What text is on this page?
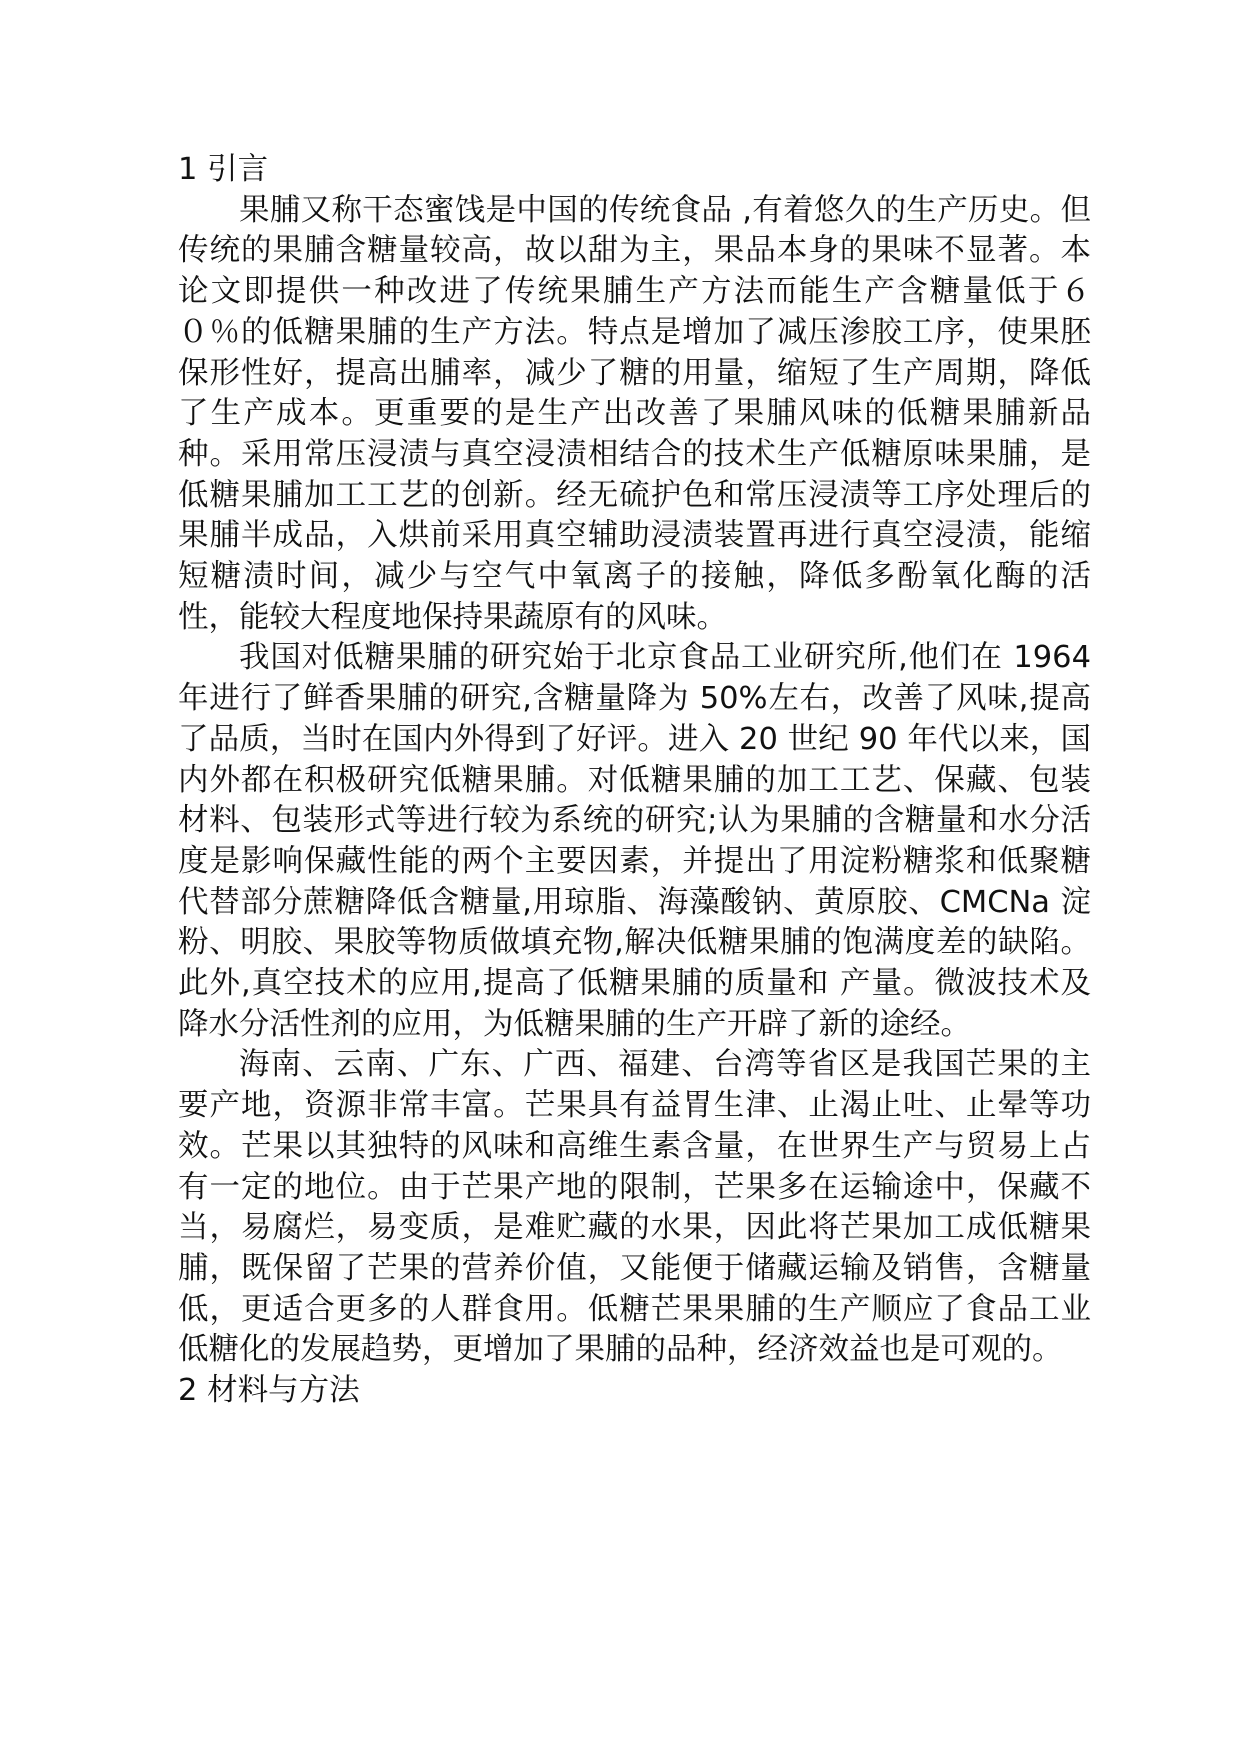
1 引言

果脯又称干态蜜饯是中国的传统食品 ,有着悠久的生产历史。但传统的果脯含糖量较高，故以甜为主，果品本身的果味不显著。本论文即提供一种改进了传统果脯生产方法而能生产含糖量低于６０％的低糖果脯的生产方法。特点是增加了减压渗胶工序，使果胚保形性好，提高出脯率，减少了糖的用量，缩短了生产周期，降低了生产成本。更重要的是生产出改善了果脯风味的低糖果脯新品种。采用常压浸渍与真空浸渍相结合的技术生产低糖原味果脯，是低糖果脯加工工艺的创新。经无硫护色和常压浸渍等工序处理后的果脯半成品，入烘前采用真空辅助浸渍装置再进行真空浸渍，能缩短糖渍时间，减少与空气中氧离子的接触，降低多酚氧化酶的活性，能较大程度地保持果蔬原有的风味。

我国对低糖果脯的研究始于北京食品工业研究所,他们在 1964 年进行了鲜香果脯的研究,含糖量降为 50%左右，改善了风味,提高了品质，当时在国内外得到了好评。进入 20 世纪 90 年代以来，国内外都在积极研究低糖果脯。对低糖果脯的加工工艺、保藏、包装材料、包装形式等进行较为系统的研究;认为果脯的含糖量和水分活度是影响保藏性能的两个主要因素，并提出了用淀粉糖浆和低聚糖代替部分蔗糖降低含糖量,用琼脂、海藻酸钠、黄原胶、CMCNa 淀粉、明胶、果胶等物质做填充物,解决低糖果脯的饱满度差的缺陷。此外,真空技术的应用,提高了低糖果脯的质量和 产量。微波技术及降水分活性剂的应用，为低糖果脯的生产开辟了新的途经。

海南、云南、广东、广西、福建、台湾等省区是我国芒果的主要产地，资源非常丰富。芒果具有益胃生津、止渴止吐、止晕等功效。芒果以其独特的风味和高维生素含量，在世界生产与贸易上占有一定的地位。由于芒果产地的限制，芒果多在运输途中，保藏不当，易腐烂，易变质，是难贮藏的水果，因此将芒果加工成低糖果脯，既保留了芒果的营养价值，又能便于储藏运输及销售，含糖量低，更适合更多的人群食用。低糖芒果果脯的生产顺应了食品工业低糖化的发展趋势，更增加了果脯的品种，经济效益也是可观的。

2 材料与方法
